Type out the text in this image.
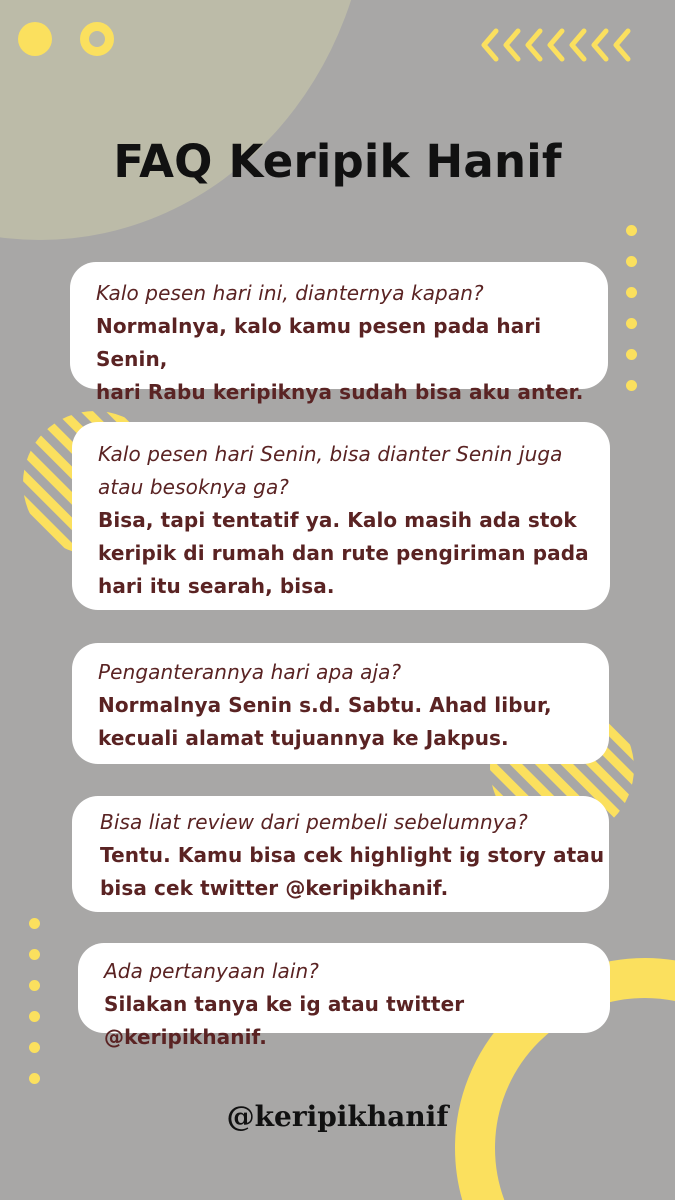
FAQ Keripik Hanif
Kalo pesen hari ini, dianternya kapan?
Normalnya, kalo kamu pesen pada hari Senin,
hari Rabu keripiknya sudah bisa aku anter.
Kalo pesen hari Senin, bisa dianter Senin juga
atau besoknya ga?
Bisa, tapi tentatif ya. Kalo masih ada stok
keripik di rumah dan rute pengiriman pada
hari itu searah, bisa.
Penganterannya hari apa aja?
Normalnya Senin s.d. Sabtu. Ahad libur,
kecuali alamat tujuannya ke Jakpus.
Bisa liat review dari pembeli sebelumnya?
Tentu. Kamu bisa cek highlight ig story atau
bisa cek twitter @keripikhanif.
Ada pertanyaan lain?
Silakan tanya ke ig atau twitter @keripikhanif.
@keripikhanif
